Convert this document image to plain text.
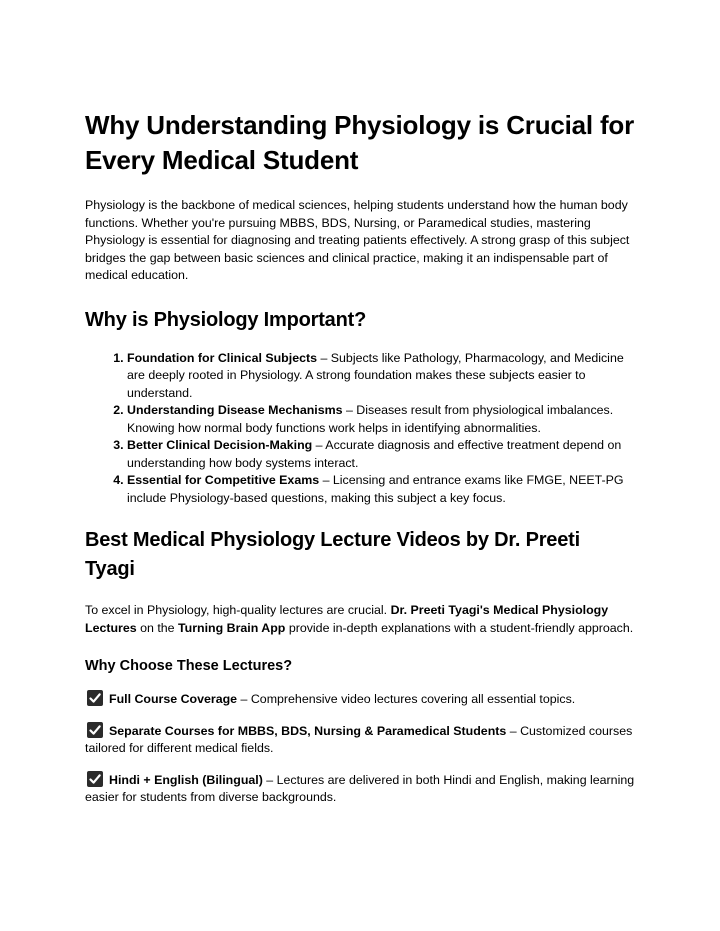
Why Understanding Physiology is Crucial for Every Medical Student

Physiology is the backbone of medical sciences, helping students understand how the human body functions. Whether you're pursuing MBBS, BDS, Nursing, or Paramedical studies, mastering Physiology is essential for diagnosing and treating patients effectively. A strong grasp of this subject bridges the gap between basic sciences and clinical practice, making it an indispensable part of medical education.

Why is Physiology Important?
1. Foundation for Clinical Subjects – Subjects like Pathology, Pharmacology, and Medicine are deeply rooted in Physiology. A strong foundation makes these subjects easier to understand.
2. Understanding Disease Mechanisms – Diseases result from physiological imbalances. Knowing how normal body functions work helps in identifying abnormalities.
3. Better Clinical Decision-Making – Accurate diagnosis and effective treatment depend on understanding how body systems interact.
4. Essential for Competitive Exams – Licensing and entrance exams like FMGE, NEET-PG include Physiology-based questions, making this subject a key focus.
Best Medical Physiology Lecture Videos by Dr. Preeti Tyagi

To excel in Physiology, high-quality lectures are crucial. Dr. Preeti Tyagi's Medical Physiology Lectures on the Turning Brain App provide in-depth explanations with a student-friendly approach.

Why Choose These Lectures?

Full Course Coverage – Comprehensive video lectures covering all essential topics.

Separate Courses for MBBS, BDS, Nursing & Paramedical Students – Customized courses tailored for different medical fields.

Hindi + English (Bilingual) – Lectures are delivered in both Hindi and English, making learning easier for students from diverse backgrounds.
